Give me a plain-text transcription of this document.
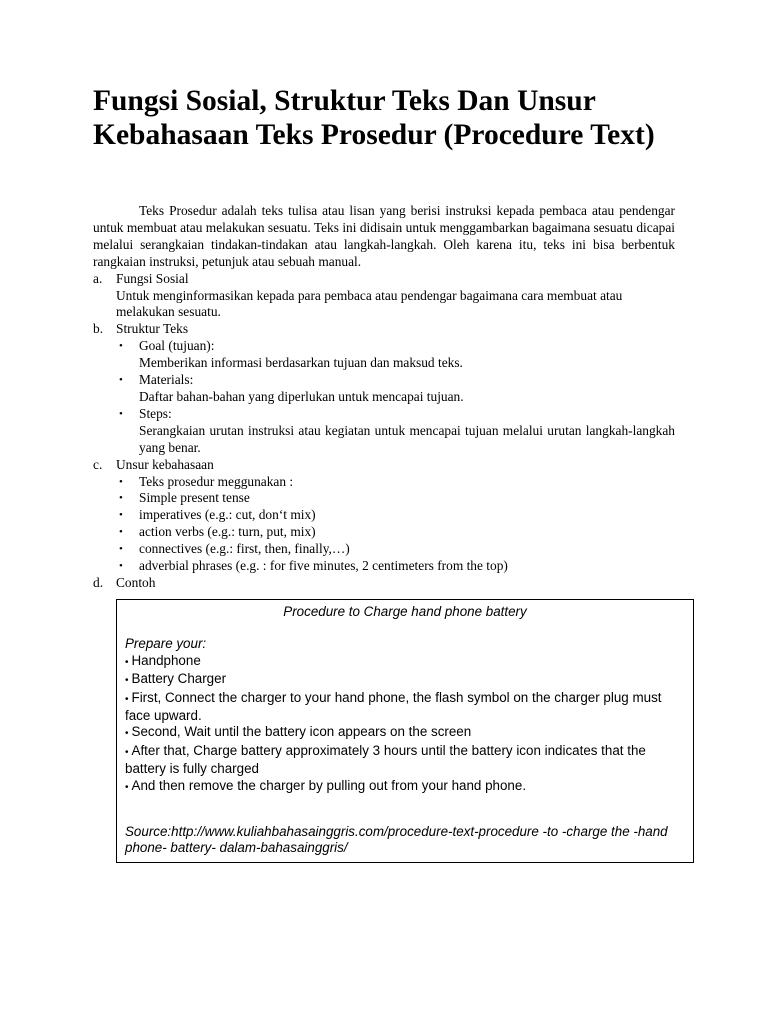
Fungsi Sosial, Struktur Teks Dan Unsur Kebahasaan Teks Prosedur (Procedure Text)

Teks Prosedur adalah teks tulisa atau lisan yang berisi instruksi kepada pembaca atau pendengar untuk membuat atau melakukan sesuatu. Teks ini didisain untuk menggambarkan bagaimana sesuatu dicapai melalui serangkaian tindakan-tindakan atau langkah-langkah. Oleh karena itu, teks ini bisa berbentuk rangkaian instruksi, petunjuk atau sebuah manual.

a.	Fungsi Sosial

Untuk menginformasikan kepada para pembaca atau pendengar bagaimana cara membuat atau melakukan sesuatu.

b. Struktur Teks
• Goal (tujuan):
Memberikan informasi berdasarkan tujuan dan maksud teks.
• Materials:
Daftar bahan-bahan yang diperlukan untuk mencapai tujuan.
• Steps:
Serangkaian urutan instruksi atau kegiatan untuk mencapai tujuan melalui urutan langkah-langkah yang benar.
c.	Unsur kebahasaan
• Teks prosedur meggunakan :
• Simple present tense
• imperatives (e.g.: cut, don‘t mix)
• action verbs (e.g.: turn, put, mix)
• connectives (e.g.: first, then, finally,…)
• adverbial phrases (e.g. : for five minutes, 2 centimeters from the top)
d. Contoh

Procedure to Charge hand phone battery

Prepare your:

• Handphone

• Battery Charger

• First, Connect the charger to your hand phone, the flash symbol on the charger plug must face upward.

• Second, Wait until the battery icon appears on the screen

• After that, Charge battery approximately 3 hours until the battery icon indicates that the battery is fully charged

• And then remove the charger by pulling out from your hand phone.

Source:http://www.kuliahbahasainggris.com/procedure-text-procedure -to -charge the -hand phone- battery- dalam-bahasainggris/
